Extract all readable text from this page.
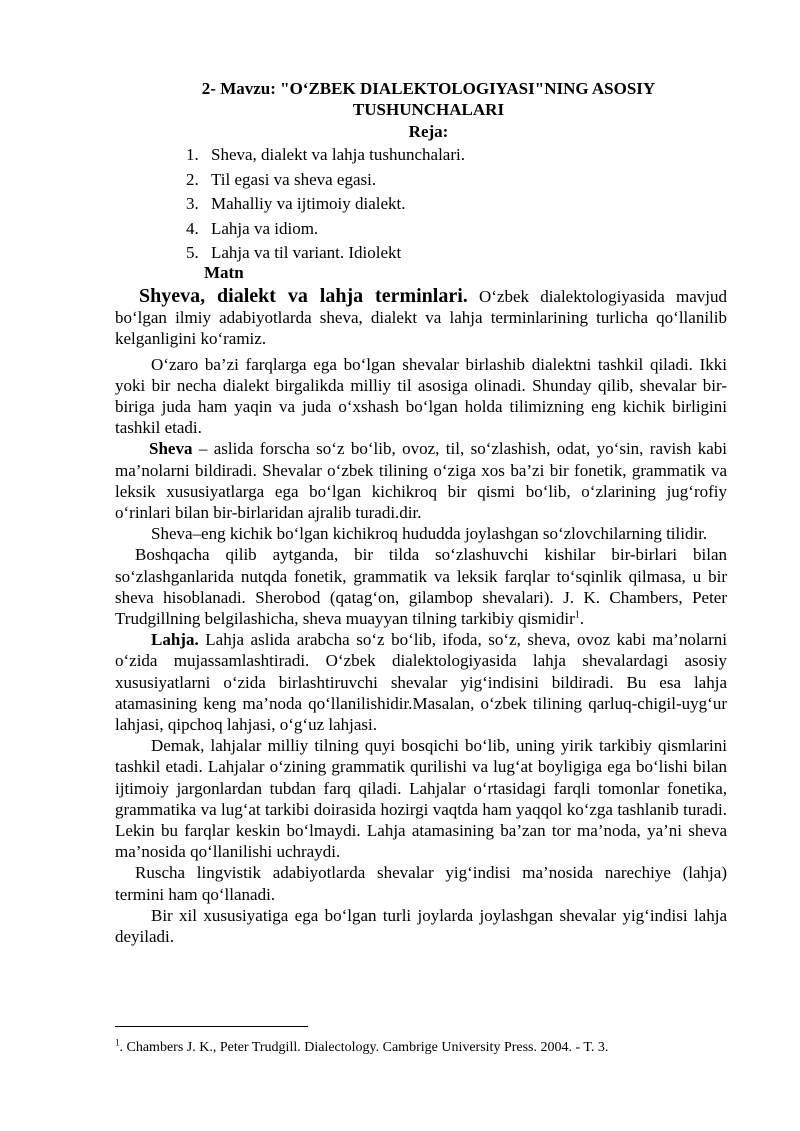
2- Mavzu: "O‘ZBEK DIALEKTOLOGIYASI"NING ASOSIY
TUSHUNCHALARI
Reja:
1. Sheva, dialekt va lahja tushunchalari.
2. Til egasi va sheva egasi.
3. Mahalliy va ijtimoiy dialekt.
4. Lahja va idiom.
5. Lahja va til variant. Idiolekt
Matn

Shyeva, dialekt va lahja terminlari. O‘zbek dialektologiyasida mavjud bo‘lgan ilmiy adabiyotlarda sheva, dialekt va lahja terminlarining turlicha qo‘llanilib kelganligini ko‘ramiz.

O‘zaro ba’zi farqlarga ega bo‘lgan shevalar birlashib dialektni tashkil qiladi. Ikki yoki bir necha dialekt birgalikda milliy til asosiga olinadi. Shunday qilib, shevalar bir-biriga juda ham yaqin va juda o‘xshash bo‘lgan holda tilimizning eng kichik birligini tashkil etadi.

Sheva – aslida forscha so‘z bo‘lib, ovoz, til, so‘zlashish, odat, yo‘sin, ravish kabi ma’nolarni bildiradi. Shevalar o‘zbek tilining o‘ziga xos ba’zi bir fonetik, grammatik va leksik xususiyatlarga ega bo‘lgan kichikroq bir qismi bo‘lib, o‘zlarining jug‘rofiy o‘rinlari bilan bir-birlaridan ajralib turadi.dir.

Sheva–eng kichik bo‘lgan kichikroq hududda joylashgan so‘zlovchilarning tilidir.

Boshqacha qilib aytganda, bir tilda so‘zlashuvchi kishilar bir-birlari bilan so‘zlashganlarida nutqda fonetik, grammatik va leksik farqlar to‘sqinlik qilmasa, u bir sheva hisoblanadi. Sherobod (qatag‘on, gilambop shevalari). J. K. Chambers, Peter Trudgillning belgilashicha, sheva muayyan tilning tarkibiy qismidir$^1$.

Lahja. Lahja aslida arabcha so‘z bo‘lib, ifoda, so‘z, sheva, ovoz kabi ma’nolarni o‘zida mujassamlashtiradi. O‘zbek dialektologiyasida lahja shevalardagi asosiy xususiyatlarni o‘zida birlashtiruvchi shevalar yig‘indisini bildiradi. Bu esa lahja atamasining keng ma’noda qo‘llanilishidir.Masalan, o‘zbek tilining qarluq-chigil-uyg‘ur lahjasi, qipchoq lahjasi, o‘g‘uz lahjasi.

Demak, lahjalar milliy tilning quyi bosqichi bo‘lib, uning yirik tarkibiy qismlarini tashkil etadi. Lahjalar o‘zining grammatik qurilishi va lug‘at boyligiga ega bo‘lishi bilan ijtimoiy jargonlardan tubdan farq qiladi. Lahjalar o‘rtasidagi farqli tomonlar fonetika, grammatika va lug‘at tarkibi doirasida hozirgi vaqtda ham yaqqol ko‘zga tashlanib turadi. Lekin bu farqlar keskin bo‘lmaydi. Lahja atamasining ba’zan tor ma’noda, ya’ni sheva ma’nosida qo‘llanilishi uchraydi.

Ruscha lingvistik adabiyotlarda shevalar yig‘indisi ma’nosida narechiye (lahja) termini ham qo‘llanadi.

Bir xil xususiyatiga ega bo‘lgan turli joylarda joylashgan shevalar yig‘indisi lahja deyiladi.

$^1$. Chambers J. K., Peter Trudgill. Dialectology. Cambrige University Press. 2004. - T. 3.
